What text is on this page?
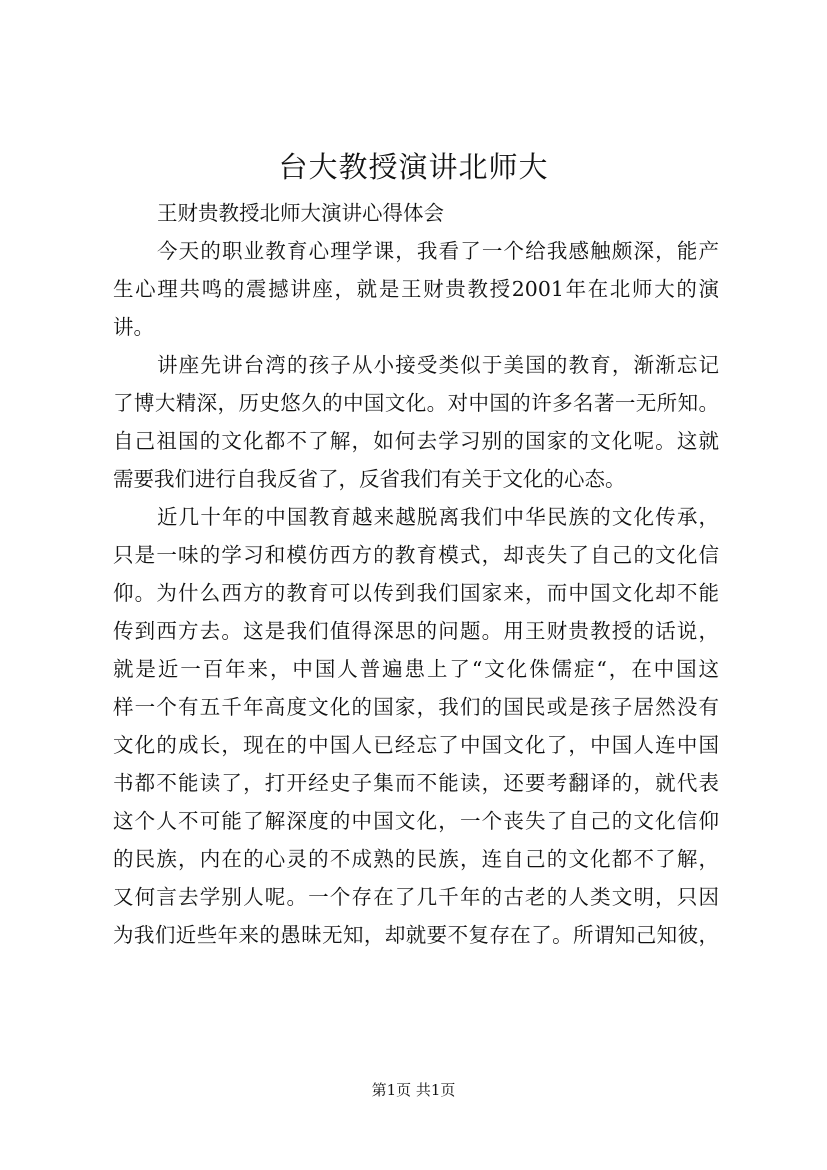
台大教授演讲北师大

王财贵教授北师大演讲心得体会

今天的职业教育心理学课，我看了一个给我感触颇深，能产
生心理共鸣的震撼讲座，就是王财贵教授2001年在北师大的演
讲。

讲座先讲台湾的孩子从小接受类似于美国的教育，渐渐忘记
了博大精深，历史悠久的中国文化。对中国的许多名著一无所知。
自己祖国的文化都不了解，如何去学习别的国家的文化呢。这就
需要我们进行自我反省了，反省我们有关于文化的心态。

近几十年的中国教育越来越脱离我们中华民族的文化传承，
只是一味的学习和模仿西方的教育模式，却丧失了自己的文化信
仰。为什么西方的教育可以传到我们国家来，而中国文化却不能
传到西方去。这是我们值得深思的问题。用王财贵教授的话说，
就是近一百年来，中国人普遍患上了“文化侏儒症“，在中国这
样一个有五千年高度文化的国家，我们的国民或是孩子居然没有
文化的成长，现在的中国人已经忘了中国文化了，中国人连中国
书都不能读了，打开经史子集而不能读，还要考翻译的，就代表
这个人不可能了解深度的中国文化，一个丧失了自己的文化信仰
的民族，内在的心灵的不成熟的民族，连自己的文化都不了解，
又何言去学别人呢。一个存在了几千年的古老的人类文明，只因
为我们近些年来的愚昧无知，却就要不复存在了。所谓知己知彼，

第1页 共1页
